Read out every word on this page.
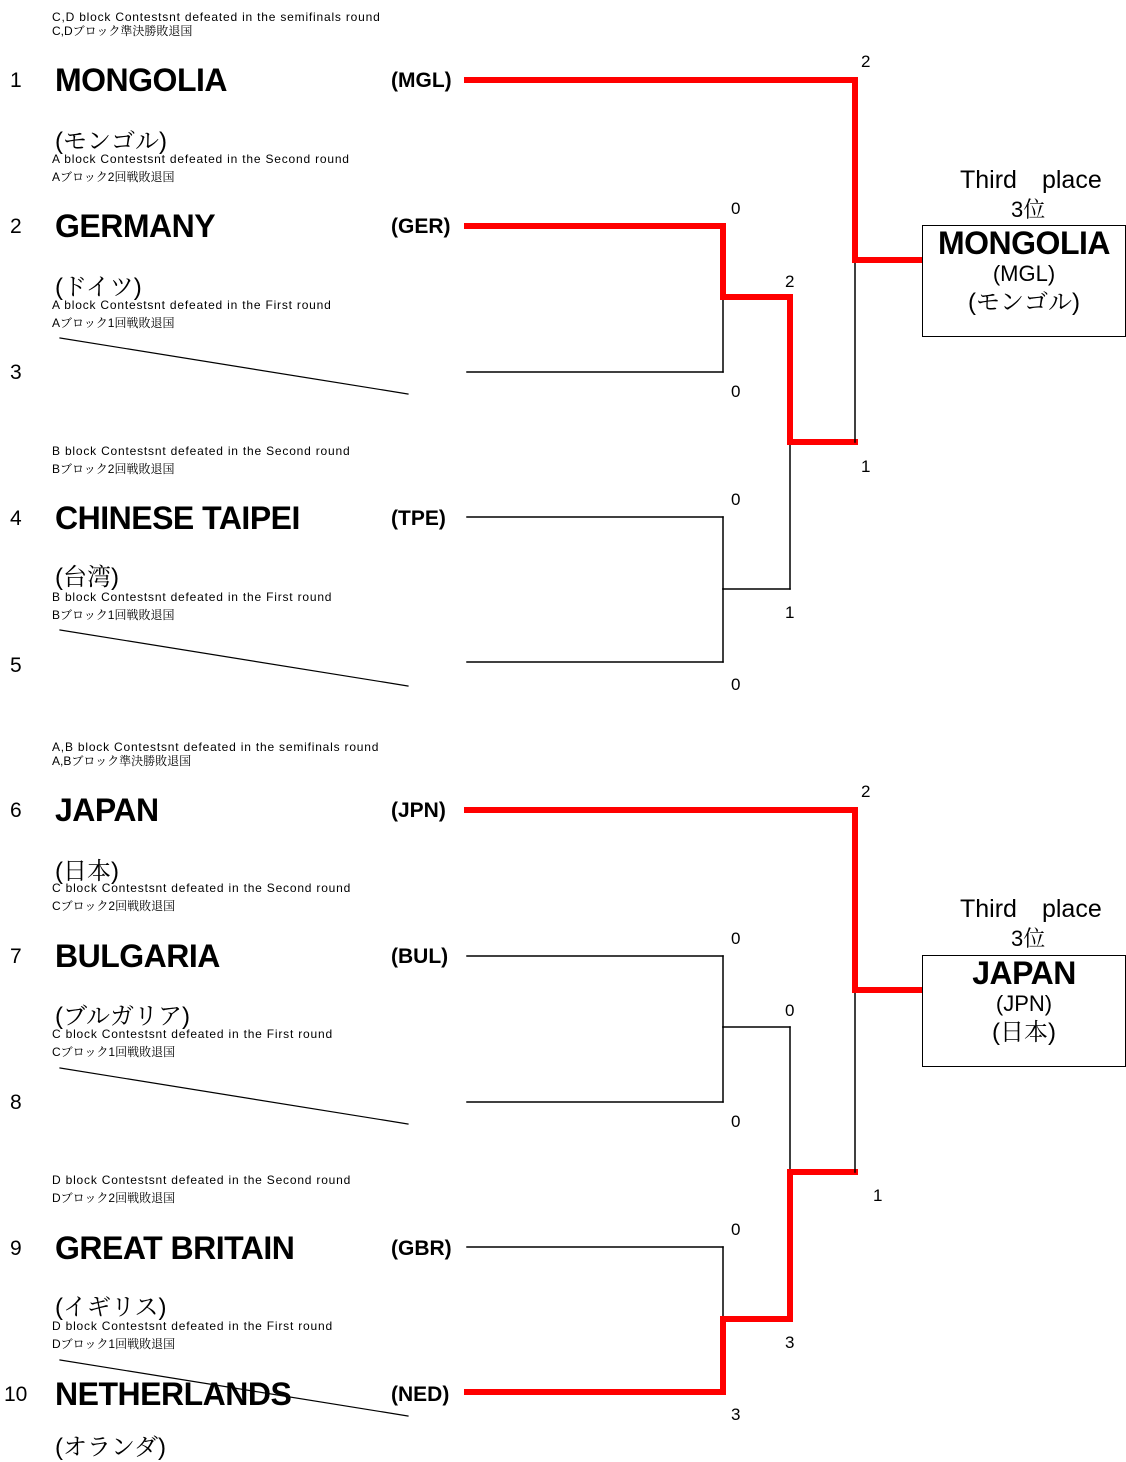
C,D block Contestsnt defeated in the semifinals round
C,Dブロック準決勝敗退国
1 MONGOLIA	(MGL)
(モンゴル)
A block Contestsnt defeated in the Second round
Aブロック2回戦敗退国
2 GERMANY	(GER)
(ドイツ)
A block Contestsnt defeated in the First round
Aブロック1回戦敗退国
3
B block Contestsnt defeated in the Second round
Bブロック2回戦敗退国
4 CHINESE TAIPEI	(TPE)
(台湾)
B block Contestsnt defeated in the First round
Bブロック1回戦敗退国
5
0
0
0
0
2
1
2
1
Third　place
3位
MONGOLIA
(MGL)
(モンゴル)
A,B block Contestsnt defeated in the semifinals round
A,Bブロック準決勝敗退国
6 JAPAN	(JPN)
(日本)
C block Contestsnt defeated in the Second round
Cブロック2回戦敗退国
7 BULGARIA	(BUL)
(ブルガリア)
C block Contestsnt defeated in the First round
Cブロック1回戦敗退国
8
D block Contestsnt defeated in the Second round
Dブロック2回戦敗退国
9 GREAT BRITAIN	(GBR)
(イギリス)
D block Contestsnt defeated in the First round
Dブロック1回戦敗退国
10 NETHERLANDS	(NED)
(オランダ)
0
0
0
3
0
3
2
1
Third　place
3位
JAPAN
(JPN)
(日本)
